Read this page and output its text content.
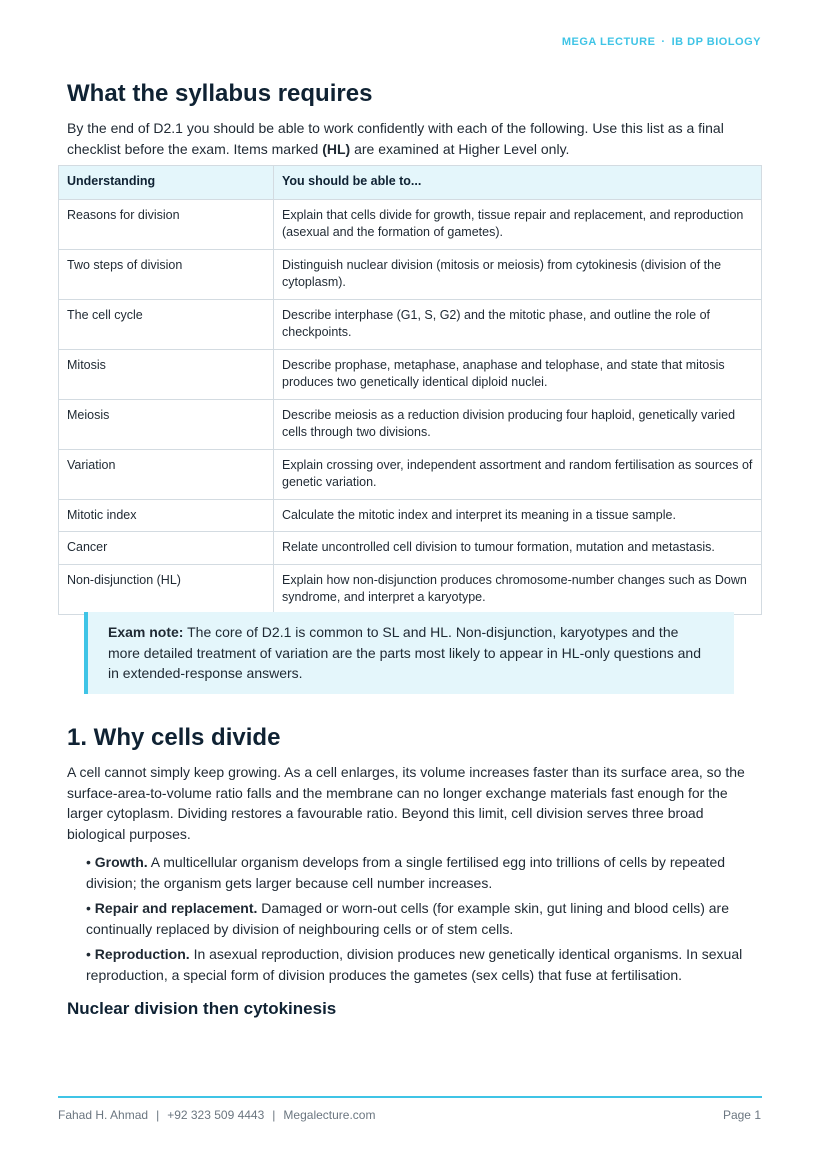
MEGA LECTURE · IB DP BIOLOGY
What the syllabus requires

By the end of D2.1 you should be able to work confidently with each of the following. Use this list as a final checklist before the exam. Items marked (HL) are examined at Higher Level only.

Understanding	You should be able to...
Reasons for division	Explain that cells divide for growth, tissue repair and replacement, and reproduction (asexual and the formation of gametes).
Two steps of division	Distinguish nuclear division (mitosis or meiosis) from cytokinesis (division of the cytoplasm).
The cell cycle	Describe interphase (G1, S, G2) and the mitotic phase, and outline the role of checkpoints.
Mitosis	Describe prophase, metaphase, anaphase and telophase, and state that mitosis produces two genetically identical diploid nuclei.
Meiosis	Describe meiosis as a reduction division producing four haploid, genetically varied cells through two divisions.
Variation	Explain crossing over, independent assortment and random fertilisation as sources of genetic variation.
Mitotic index	Calculate the mitotic index and interpret its meaning in a tissue sample.
Cancer	Relate uncontrolled cell division to tumour formation, mutation and metastasis.
Non-disjunction (HL)	Explain how non-disjunction produces chromosome-number changes such as Down syndrome, and interpret a karyotype.
Exam note: The core of D2.1 is common to SL and HL. Non-disjunction, karyotypes and the more detailed treatment of variation are the parts most likely to appear in HL-only questions and in extended-response answers.
1. Why cells divide

A cell cannot simply keep growing. As a cell enlarges, its volume increases faster than its surface area, so the surface-area-to-volume ratio falls and the membrane can no longer exchange materials fast enough for the larger cytoplasm. Dividing restores a favourable ratio. Beyond this limit, cell division serves three broad biological purposes.

• Growth. A multicellular organism develops from a single fertilised egg into trillions of cells by repeated division; the organism gets larger because cell number increases.
• Repair and replacement. Damaged or worn-out cells (for example skin, gut lining and blood cells) are continually replaced by division of neighbouring cells or of stem cells.
• Reproduction. In asexual reproduction, division produces new genetically identical organisms. In sexual reproduction, a special form of division produces the gametes (sex cells) that fuse at fertilisation.
Nuclear division then cytokinesis
Fahad H. Ahmad | +92 323 509 4443 | Megalecture.com	Page 1
